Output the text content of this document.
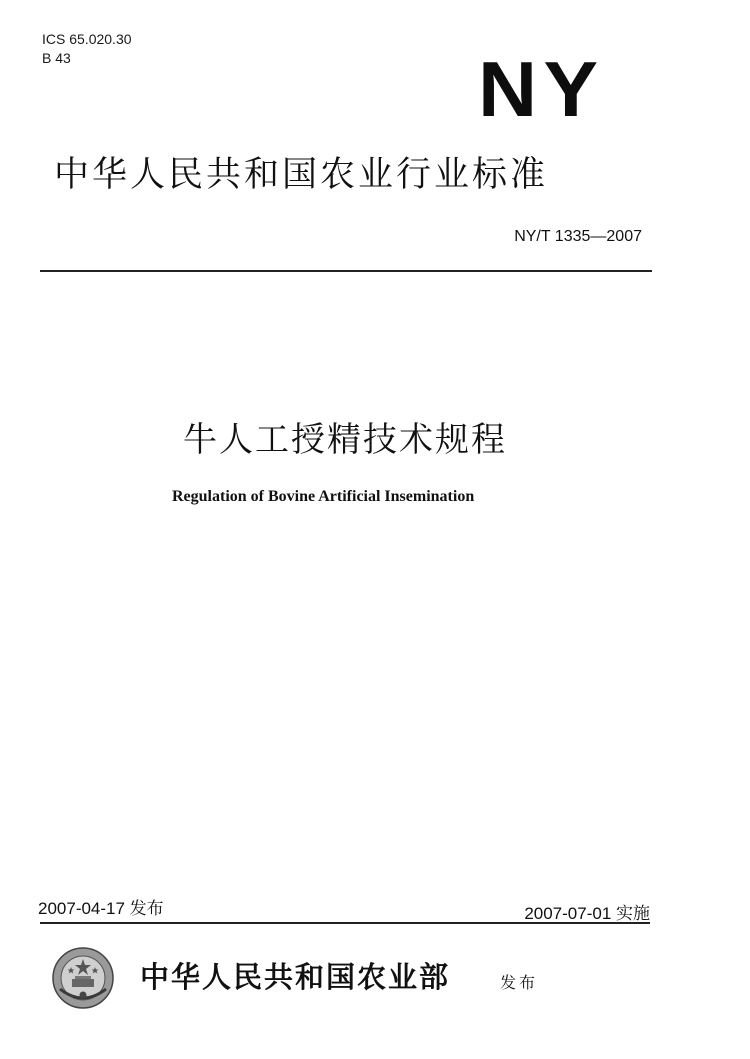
ICS 65.020.30
B 43	NY
中华人民共和国农业行业标准
NY/T 1335—2007
牛人工授精技术规程
Regulation of Bovine Artificial Insemination
2007-04-17 发布	2007-07-01 实施
中华人民共和国农业部	发布
